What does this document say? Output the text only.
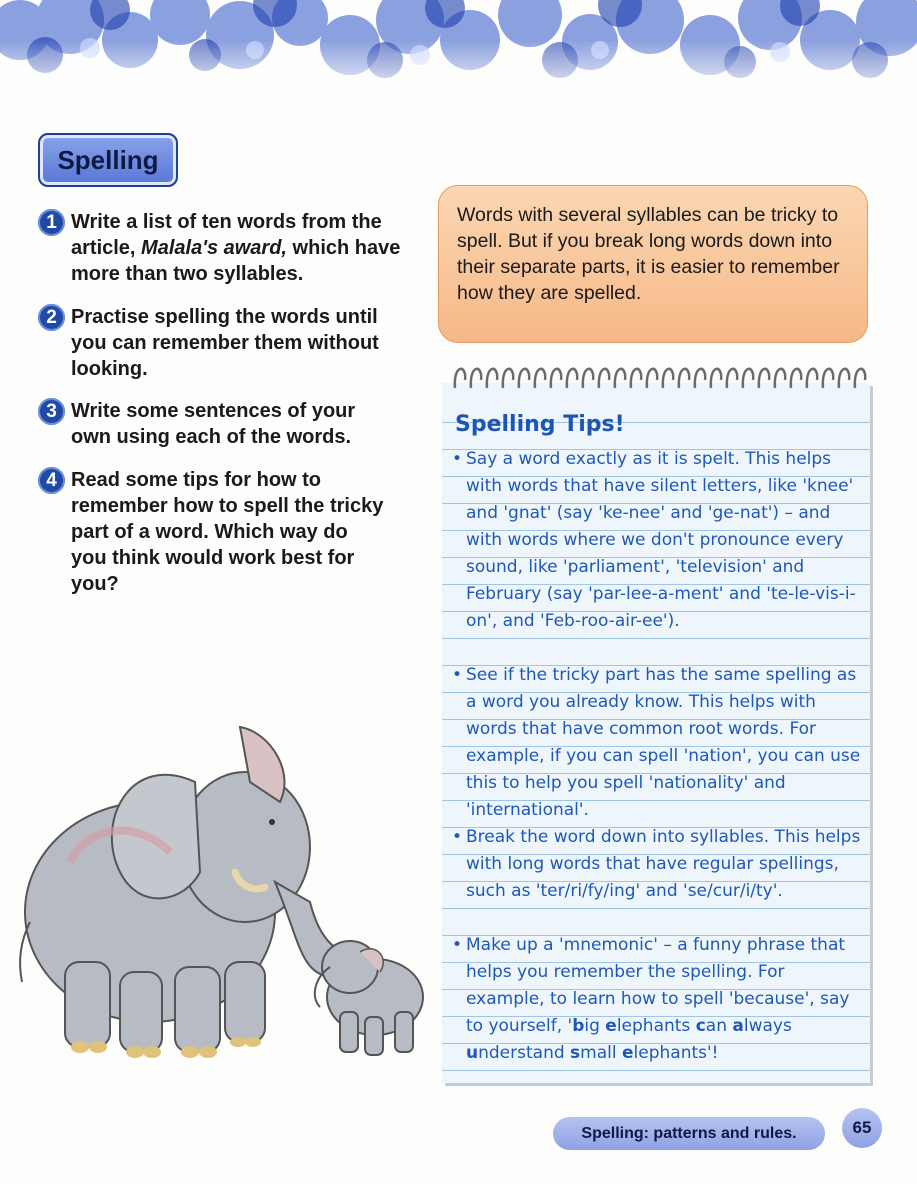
Spelling
1 Write a list of ten words from the article, Malala's award, which have more than two syllables.
2 Practise spelling the words until you can remember them without looking.
3 Write some sentences of your own using each of the words.
4 Read some tips for how to remember how to spell the tricky part of a word. Which way do you think would work best for you?

Words with several syllables can be tricky to spell. But if you break long words down into their separate parts, it is easier to remember how they are spelled.

Spelling Tips!
• Say a word exactly as it is spelt. This helps with words that have silent letters, like 'knee' and 'gnat' (say 'ke-nee' and 'ge-nat') – and with words where we don't pronounce every sound, like 'parliament', 'television' and February (say 'par-lee-a-ment' and 'te-le-vis-i-on', and 'Feb-roo-air-ee').
• See if the tricky part has the same spelling as a word you already know. This helps with words that have common root words. For example, if you can spell 'nation', you can use this to help you spell 'nationality' and 'international'.
• Break the word down into syllables. This helps with long words that have regular spellings, such as 'ter/ri/fy/ing' and 'se/cur/i/ty'.
• Make up a 'mnemonic' – a funny phrase that helps you remember the spelling. For example, to learn how to spell 'because', say to yourself, 'big elephants can always understand small elephants'!
Spelling: patterns and rules.	65
